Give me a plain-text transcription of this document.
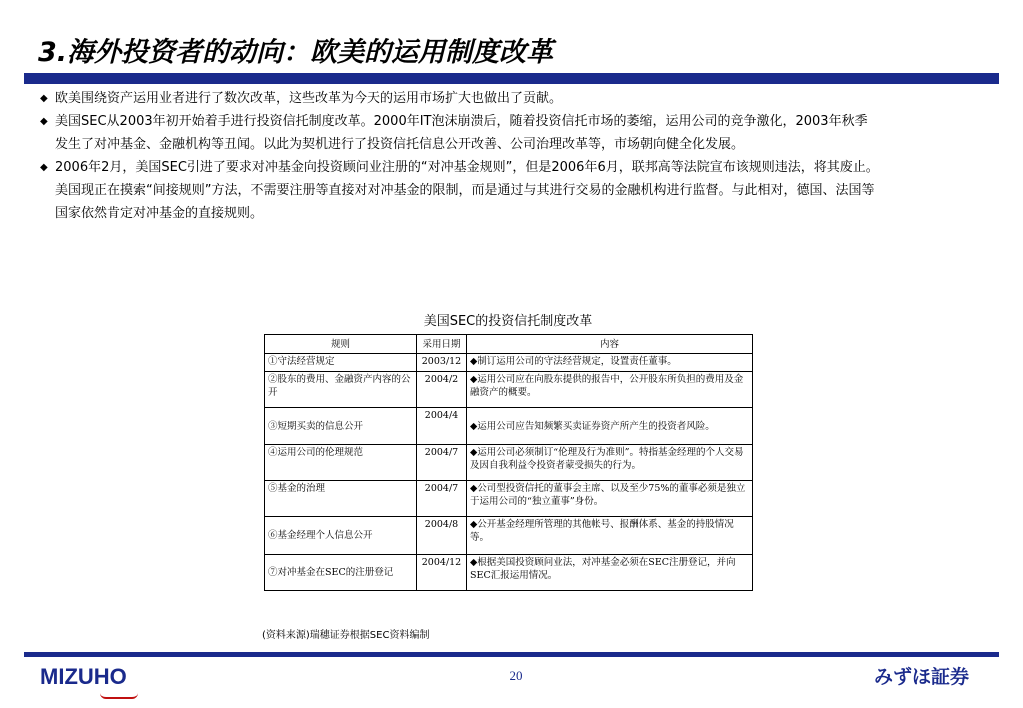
3.海外投资者的动向：欧美的运用制度改革

◆ 欧美围绕资产运用业者进行了数次改革，这些改革为今天的运用市场扩大也做出了贡献。

◆ 美国SEC从2003年初开始着手进行投资信托制度改革。2000年IT泡沫崩溃后，随着投资信托市场的萎缩，运用公司的竞争激化，2003年秋季发生了对冲基金、金融机构等丑闻。以此为契机进行了投资信托信息公开改善、公司治理改革等，市场朝向健全化发展。

◆ 2006年2月，美国SEC引进了要求对冲基金向投资顾问业注册的“对冲基金规则”，但是2006年6月，联邦高等法院宣布该规则违法，将其废止。美国现正在摸索“间接规则”方法，不需要注册等直接对对冲基金的限制，而是通过与其进行交易的金融机构进行监督。与此相对，德国、法国等国家依然肯定对冲基金的直接规则。

美国SEC的投资信托制度改革
规则	采用日期	内容
①守法经营规定	2003/12	◆制订运用公司的守法经营规定，设置责任董事。
②股东的费用、金融资产内容的公开	2004/2	◆运用公司应在向股东提供的报告中，公开股东所负担的费用及金融资产的概要。
③短期买卖的信息公开	2004/4	◆运用公司应告知频繁买卖证券资产所产生的投资者风险。
④运用公司的伦理规范	2004/7	◆运用公司必须制订“伦理及行为准则”。特指基金经理的个人交易及因自我利益令投资者蒙受损失的行为。
⑤基金的治理	2004/7	◆公司型投资信托的董事会主席、以及至少75%的董事必须是独立于运用公司的“独立董事”身份。
⑥基金经理个人信息公开	2004/8	◆公开基金经理所管理的其他帐号、报酬体系、基金的持股情况等。
⑦对冲基金在SEC的注册登记	2004/12	◆根据美国投资顾问业法，对冲基金必须在SEC注册登记，并向SEC汇报运用情况。
(资料来源)瑞穗证券根据SEC资料编制
MIZUHO	20	みずほ証券
